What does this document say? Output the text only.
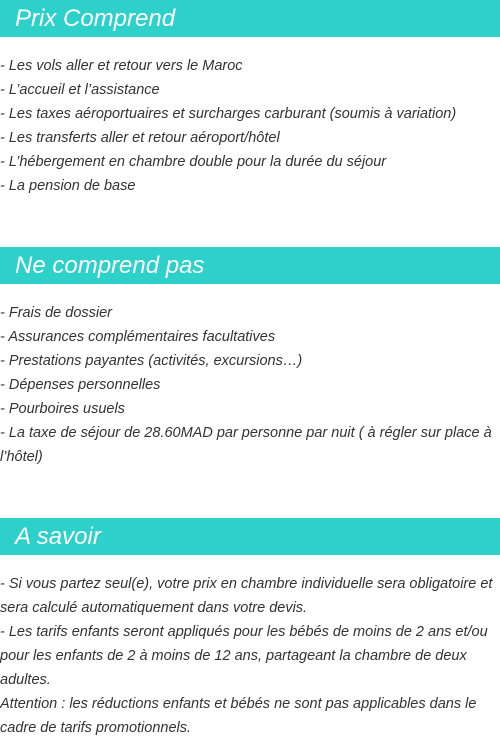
Prix Comprend
- Les vols aller et retour vers le Maroc
- L’accueil et l’assistance
- Les taxes aéroportuaires et surcharges carburant (soumis à variation)
- Les transferts aller et retour aéroport/hôtel
- L’hébergement en chambre double pour la durée du séjour
- La pension de base
Ne comprend pas
- Frais de dossier
- Assurances complémentaires facultatives
- Prestations payantes (activités, excursions…)
- Dépenses personnelles
- Pourboires usuels
- La taxe de séjour de 28.60MAD par personne par nuit ( à régler sur place à l’hôtel)
A savoir
- Si vous partez seul(e), votre prix en chambre individuelle sera obligatoire et sera calculé automatiquement dans votre devis.
- Les tarifs enfants seront appliqués pour les bébés de moins de 2 ans et/ou pour les enfants de 2 à moins de 12 ans, partageant la chambre de deux adultes.
Attention : les réductions enfants et bébés ne sont pas applicables dans le cadre de tarifs promotionnels.
